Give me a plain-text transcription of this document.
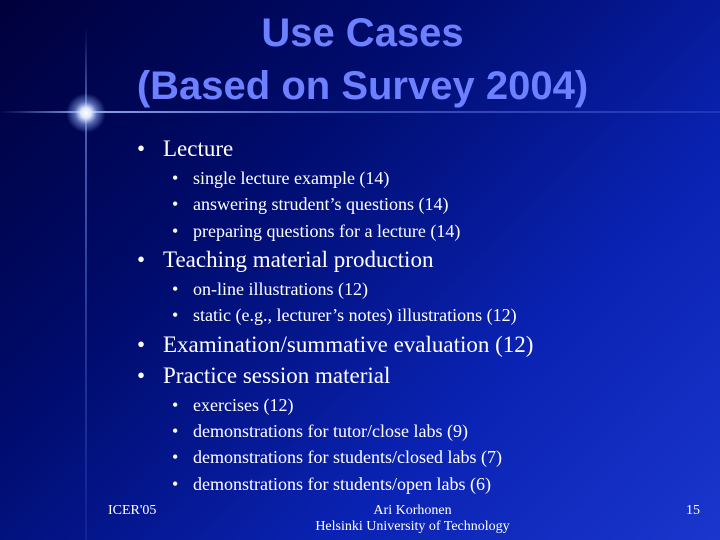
Use Cases
(Based on Survey 2004)
• Lecture
• single lecture example (14)
• answering strudent’s questions (14)
• preparing questions for a lecture (14)
• Teaching material production
• on-line illustrations (12)
• static (e.g., lecturer’s notes) illustrations (12)
• Examination/summative evaluation (12)
• Practice session material
• exercises (12)
• demonstrations for tutor/close labs (9)
• demonstrations for students/closed labs (7)
• demonstrations for students/open labs (6)
ICER'05	Ari Korhonen
Helsinki University of Technology
15
